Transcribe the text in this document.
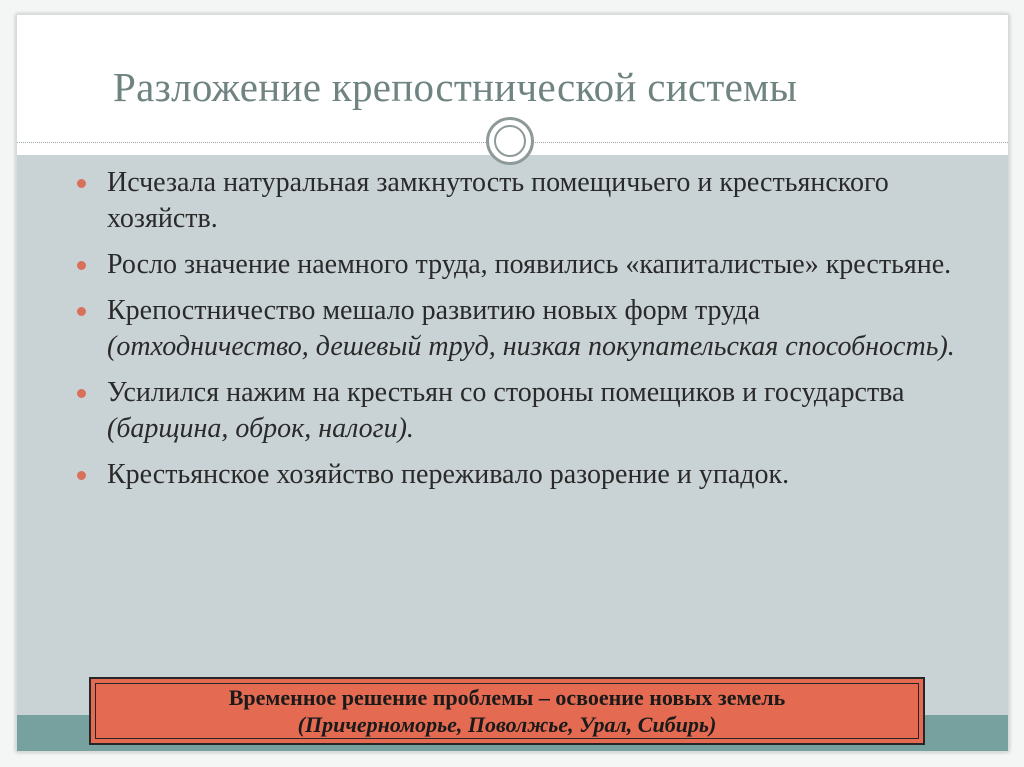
Разложение крепостнической системы
Исчезала натуральная замкнутость помещичьего и крестьянского хозяйств.
Росло значение наемного труда, появились «капиталистые» крестьяне.
Крепостничество мешало развитию новых форм труда (отходничество, дешевый труд, низкая покупательская способность).
Усилился нажим на крестьян со стороны помещиков и государства (барщина, оброк, налоги).
Крестьянское хозяйство переживало разорение и упадок.
Временное решение проблемы – освоение новых земель
(Причерноморье, Поволжье, Урал, Сибирь)
